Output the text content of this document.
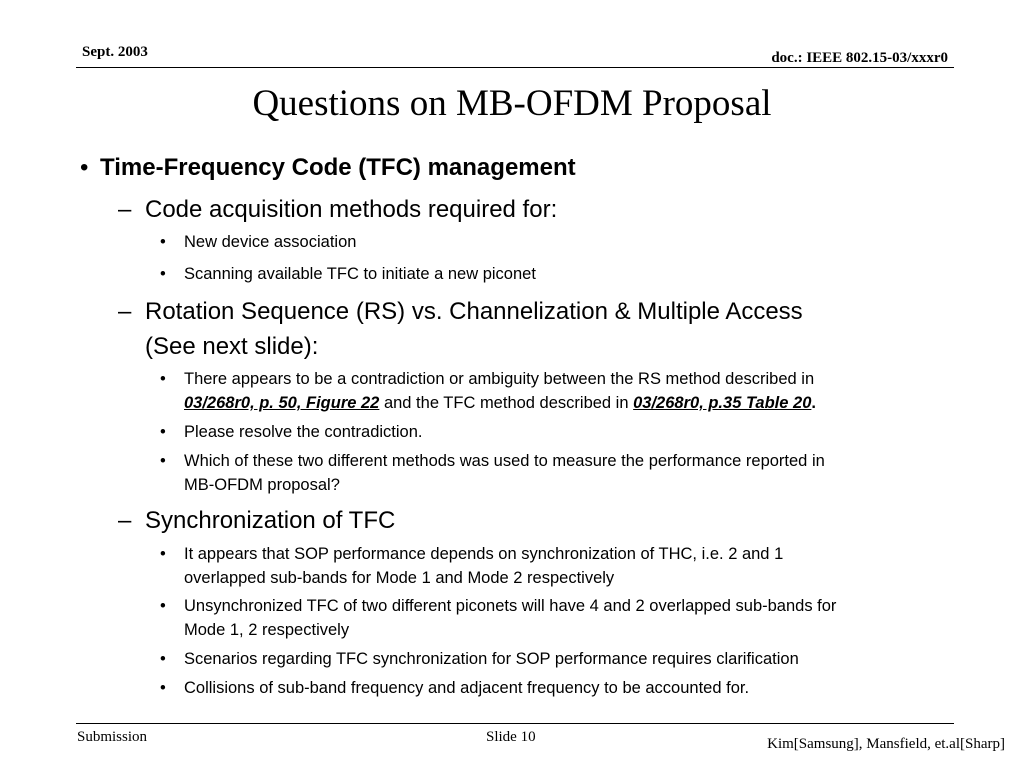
Sept. 2003	doc.: IEEE 802.15-03/xxxr0
Questions on MB-OFDM Proposal
• Time-Frequency Code (TFC) management
– Code acquisition methods required for:
• New device association
• Scanning available TFC to initiate a new piconet
– Rotation Sequence (RS) vs. Channelization & Multiple Access
(See next slide):
• There appears to be a contradiction or ambiguity between the RS method described in
03/268r0, p. 50, Figure 22 and the TFC method described in 03/268r0, p.35 Table 20.
• Please resolve the contradiction.
• Which of these two different methods was used to measure the performance reported in
MB-OFDM proposal?
– Synchronization of TFC
• It appears that SOP performance depends on synchronization of THC, i.e. 2 and 1
overlapped sub-bands for Mode 1 and Mode 2 respectively
• Unsynchronized TFC of two different piconets will have 4 and 2 overlapped sub-bands for
Mode 1, 2 respectively
• Scenarios regarding TFC synchronization for SOP performance requires clarification
• Collisions of sub-band frequency and adjacent frequency to be accounted for.
Submission	Slide 10	Kim[Samsung], Mansfield, et.al[Sharp]
